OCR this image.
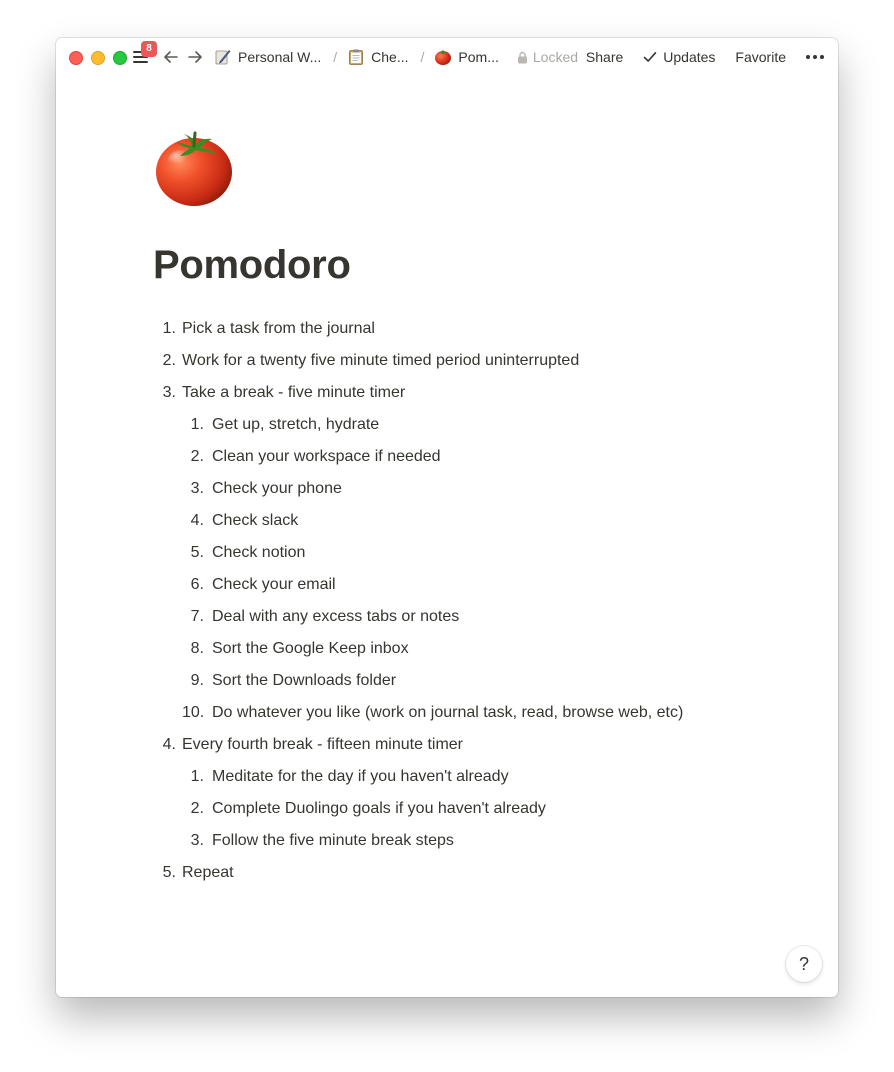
8
Personal W... / Che... / Pom... Locked Share	Updates Favorite
Pomodoro
1. Pick a task from the journal
2. Work for a twenty five minute timed period uninterrupted
3. Take a break - five minute timer
1. Get up, stretch, hydrate
2. Clean your workspace if needed
3. Check your phone
4. Check slack
5. Check notion
6. Check your email
7. Deal with any excess tabs or notes
8. Sort the Google Keep inbox
9. Sort the Downloads folder
10. Do whatever you like (work on journal task, read, browse web, etc)
4. Every fourth break - fifteen minute timer
1. Meditate for the day if you haven't already
2. Complete Duolingo goals if you haven't already
3. Follow the five minute break steps
5. Repeat
?
